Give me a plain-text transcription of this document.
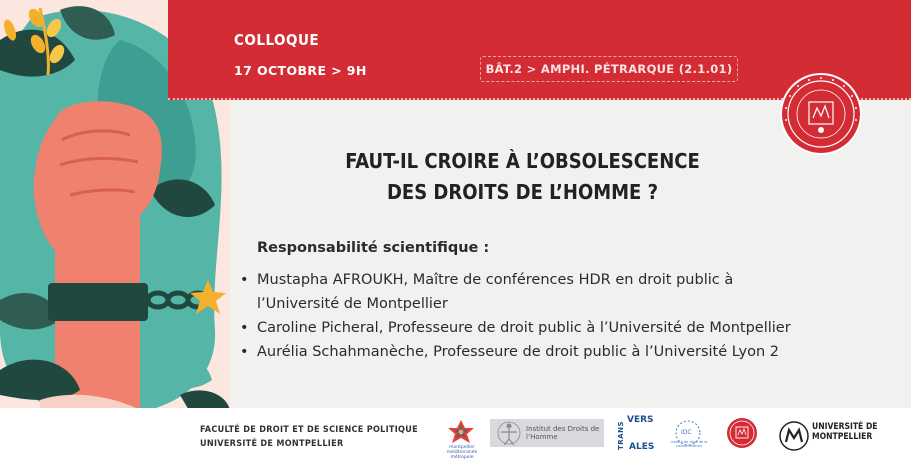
COLLOQUE
17 OCTOBRE > 9H	BÂT.2 > AMPHI. PÉTRARQUE (2.1.01)
FAUT-IL CROIRE À L’OBSOLESCENCE
DES DROITS DE L’HOMME ?
Responsabilité scientifique :
• Mustapha AFROUKH, Maître de conférences HDR en droit public à
l’Université de Montpellier
• Caroline Picheral, Professeure de droit public à l’Université de Montpellier
• Aurélia Schahmanèche, Professeure de droit public à l’Université Lyon 2
FACULTÉ DE DROIT ET DE SCIENCE POLITIQUE
UNIVERSITÉ DE MONTPELLIER	montpellier méditerranée métropole
Institut des Droits de l’Homme	TRANS
VERS
ALES
IDC
institut de droit de la consommation
UNIVERSITÉ DE
MONTPELLIER
